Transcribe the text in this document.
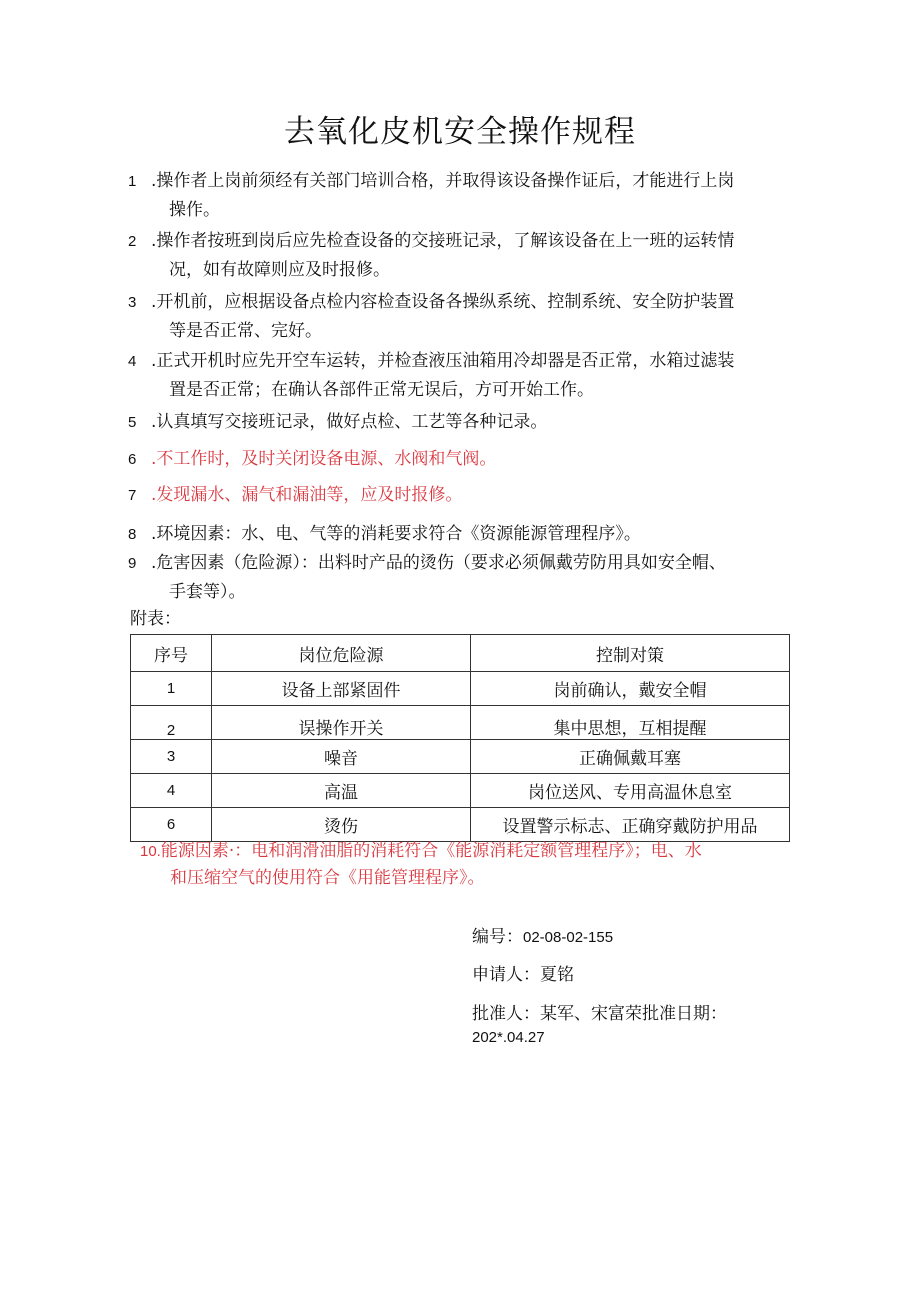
去氧化皮机安全操作规程
1 .操作者上岗前须经有关部门培训合格，并取得该设备操作证后，才能进行上岗
操作。
2 .操作者按班到岗后应先检查设备的交接班记录，了解该设备在上一班的运转情
况，如有故障则应及时报修。
3 .开机前，应根据设备点检内容检查设备各操纵系统、控制系统、安全防护装置
等是否正常、完好。
4 .正式开机时应先开空车运转，并检查液压油箱用冷却器是否正常，水箱过滤装
置是否正常；在确认各部件正常无误后，方可开始工作。
5 .认真填写交接班记录，做好点检、工艺等各种记录。
6 .不工作时，及时关闭设备电源、水阀和气阀。
7 .发现漏水、漏气和漏油等，应及时报修。
8 .环境因素：水、电、气等的消耗要求符合《资源能源管理程序》。
9 .危害因素（危险源）：出料时产品的烫伤（要求必须佩戴劳防用具如安全帽、
手套等）。
附表：
序号	岗位危险源	控制对策
1	设备上部紧固件	岗前确认，戴安全帽
2	误操作开关	集中思想，互相提醒
3	噪音	正确佩戴耳塞
4	高温	岗位送风、专用高温休息室
6	烫伤	设置警示标志、正确穿戴防护用品
10.能源因素·：电和润滑油脂的消耗符合《能源消耗定额管理程序》；电、水
和压缩空气的使用符合《用能管理程序》。
编号：02-08-02-155
申请人：夏铭
批准人：某军、宋富荣批准日期：
202*.04.27
